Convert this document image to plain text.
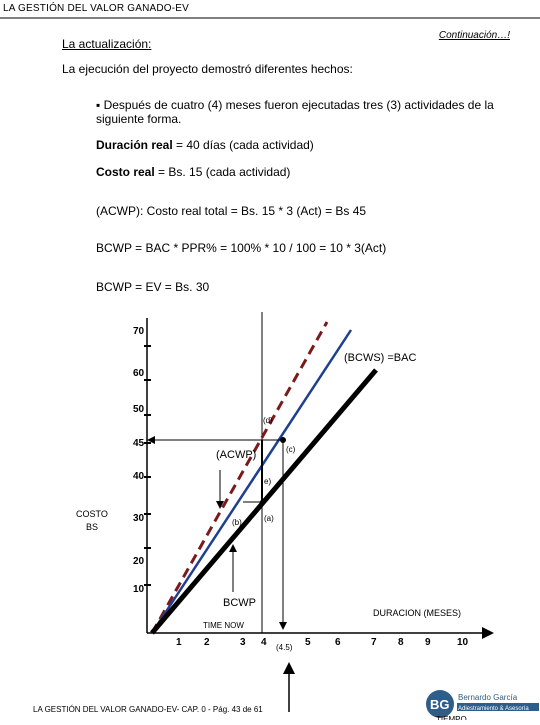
LA GESTIÓN DEL VALOR GANADO-EV
Continuación…!
La actualización:
La ejecución del proyecto demostró diferentes hechos:
▪ Después de cuatro (4) meses fueron ejecutadas tres (3) actividades de la siguiente forma.
Duración real = 40 días (cada actividad)
Costo real = Bs. 15 (cada actividad)
(ACWP): Costo real total = Bs. 15 * 3 (Act) = Bs 45
BCWP = BAC * PPR% = 100% * 10 / 100 = 10 * 3(Act)
BCWP = EV = Bs. 30
70
60
50
45
40
30
20
10
COSTO
BS
1 2	3 4 (4.5) 5 6	7 8 9	10
DURACION (MESES)
TIME NOW
(BCWS) =BAC
(ACWP)
BCWP
(a)
(b)
(c)
(d)
e)
LA GESTIÓN DEL VALOR GANADO-EV- CAP. 0 - Pág. 43 de 61	BG Bernardo García
Adiestramiento & Asesoría
TIEMPO
